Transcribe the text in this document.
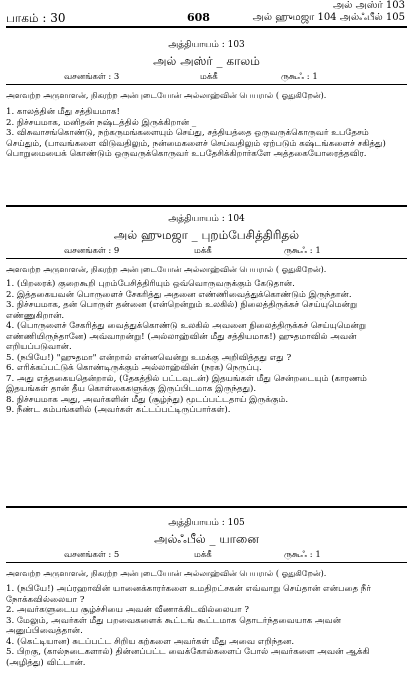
அல் அஸ்ர் 103
பாகம் : 30	608	அல் ஹுமஜா 104 அல்ஃபீல் 105
அத்தியாயம் : 103
அல் அஸ்ர் _ காலம்
வசனங்கள் : 3	மக்கீ	ருகூஃ : 1
அளவற்ற அருளாளன், நிகரற்ற அன்புடையோன் அல்லாஹ்வின் பெயரால் ( ஓதுகிறேன்).
1. காலத்தின் மீது சத்தியமாக!
2. நிச்சயமாக, மனிதன் நஷ்டத்தில் இருக்கிறான் _
3. விசுவாசங்கொண்டு, நற்கருமங்களையும் செய்து, சத்தியத்தை ஒருவருக்கொருவர் உபதேசம் செய்தும், (பாவங்களை விடுவதிலும், நன்மைகளைச் செய்வதிலும் ஏற்படும் கஷ்டங்களைச் சகித்து) பொறுமையைக் கொண்டும் ஒருவருக்கொருவர் உபதேசிக்கிறார்களே அத்தகையோரைத்தவிர.
அத்தியாயம் : 104
அல் ஹுமஜா _ புறம்பேசித்திரிதல்
வசனங்கள் : 9	மக்கீ	ருகூஃ : 1
அளவற்ற அருளாளன், நிகரற்ற அன்புடையோன் அல்லாஹ்வின் பெயரால் ( ஓதுகிறேன்).
1. (பிறரைக்) குறைகூறி புறம்பேசித்திரியும் ஒவ்வொருவருக்கும் கேடுதான்.
2. இத்தகையவன் பொருளைச் சேகரித்து அதனை எண்ணிவைத்துக்கொண்டும் இருந்தான்.
3. நிச்சயமாக, தன் பொருள் தன்னை (என்றென்றும் உலகில்) நிலைத்திருக்கச் செய்யுமென்று எண்ணுகிறான்.
4. (பொருளைச் சேகரித்து வைத்துக்கொண்டு உலகில் அவனை நிலைத்திருக்கச் செய்யுமென்று எண்ணியிருந்தானே) அவ்வாறன்று! (அல்லாஹ்வின் மீது சத்தியமாக!) ஹுதமாவில் அவன் எறியப்படுவான்.
5. (நபியே!) "ஹுதமா" என்றால் என்னவென்று உமக்கு அறிவித்தது எது ?
6. எரிக்கப்பட்டுக் கொண்டிருக்கும் அல்லாஹ்வின் (நரக) நெருப்பு.
7. அது எத்தகையதென்றால், (தேகத்தில் பட்டவுடன்) இதயங்கள் மீது சென்றடையும் (காரணம் இதயங்கள் தான் தீய கொள்கைகளுக்கு இருப்பிடமாக இருந்தது).
8. நிச்சயமாக அது, அவர்களின் மீது (சூழ்ந்து) மூடப்பட்டதாய் இருக்கும்.
9. நீண்ட கம்பங்களில் (அவர்கள் கட்டப்பட்டிருப்பார்கள்).
அத்தியாயம் : 105
அல்ஃபீல் _ யானை
வசனங்கள் : 5	மக்கீ	ருகூஃ : 1
அளவற்ற அருளாளன், நிகரற்ற அன்புடையோன் அல்லாஹ்வின் பெயரால் ( ஓதுகிறேன்).
1. (நபியே!) அப்ரஹாவின் யானைக்காரர்களை உமதிறட்சகன் எவ்வாறு செய்தான் என்பதை நீர் நோக்கவில்லையா ?
2. அவர்களுடைய சூழ்ச்சியை அவன் வீணாக்கிடவில்லையா ?
3. மேலும், அவர்கள் மீது பறவைகளைக் கூட்டங் கூட்டமாக தொடர்ந்தவையாக அவன் அனுப்பிவைத்தான்.
4. (கெட்டியான) சுடப்பட்ட சிறிய கற்களை அவர்கள் மீது அவை எறிந்தன.
5. பிறகு, (கால்நடைகளால்) தின்னப்பட்ட வைக்கோல்களைப் போல் அவர்களை அவன் ஆக்கி (அழித்து) விட்டான்.
